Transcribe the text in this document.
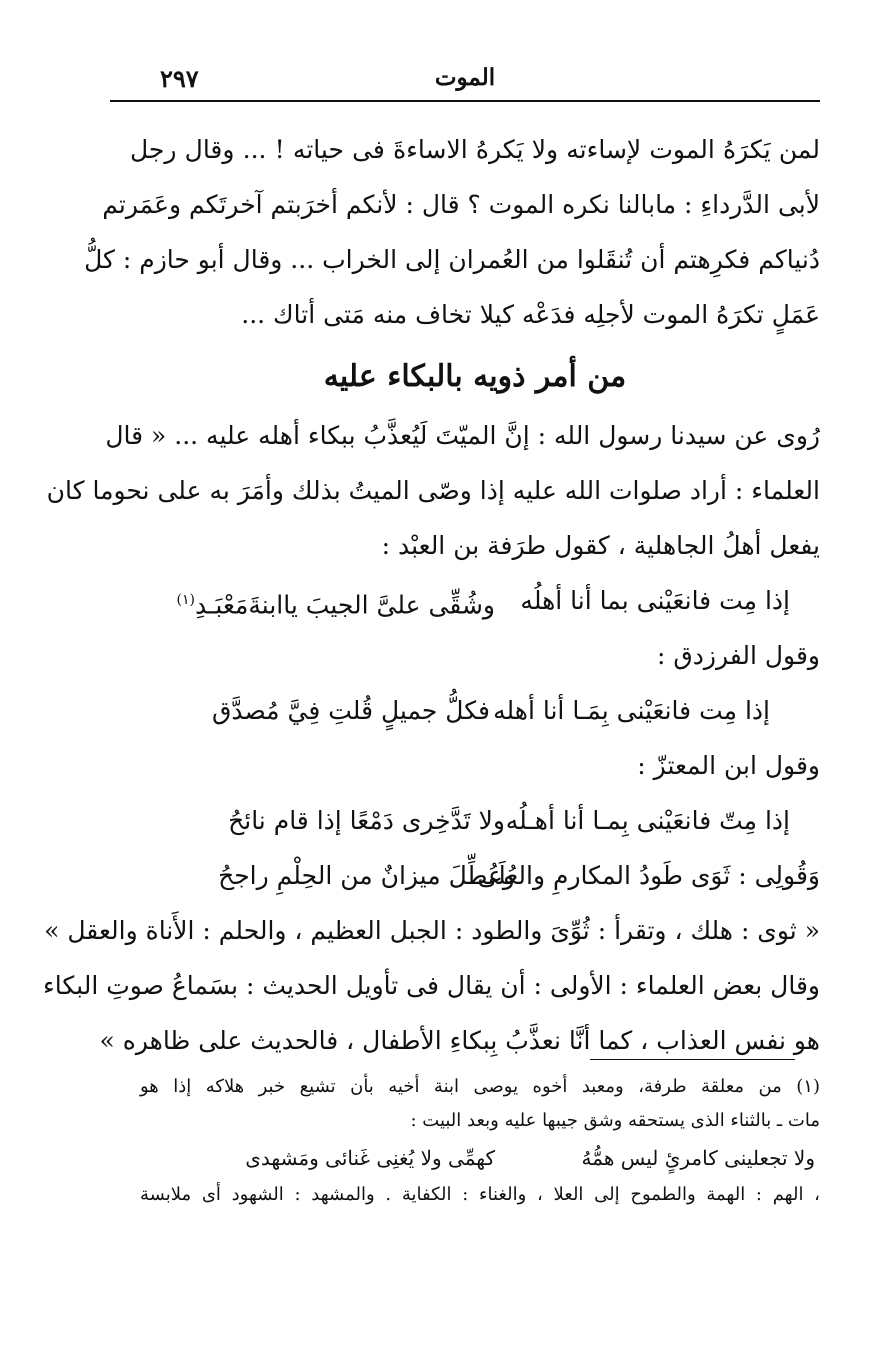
الموت
٢٩٧
لمن يَكرَهُ الموت لإساءته ولا يَكرهُ الاساءةَ فى حياته ! ... وقال رجل
لأبى الدَّرداءِ : مابالنا نكره الموت ؟ قال : لأنكم أخرَبتم آخرتَكم وعَمَرتم
دُنياكم فكرِهتم أن تُنقَلوا من العُمران إلى الخراب ... وقال أبو حازم : كلُّ
عَمَلٍ تكرَهُ الموت لأجلِه فدَعْه كيلا تخاف منه مَتى أتاك ...
من أمر ذويه بالبكاء عليه
رُوى عن سيدنا رسول الله : إنَّ الميّتَ لَيُعذَّبُ ببكاء أهله عليه ... « قال
العلماء : أراد صلوات الله عليه إذا وصّى الميتُ بذلك وأمَرَ به على نحوما كان
يفعل أهلُ الجاهلية ، كقول طرَفة بن العبْد :
إذا مِت فانعَيْنى بما أنا أهلُه
وشُقِّى علىَّ الجيبَ ياابنةَمَعْبَـدِ$^{(١)}$
وقول الفرزدق :
إذا مِت فانعَيْنى بِمَـا أنا أهله
فكلُّ جميلٍ قُلتِ فِيَّ مُصدَّق
وقول ابن المعتزّ :
إذا مِتّ فانعَيْنى بِمـا أنا أهـلُه
ولا تَدَّخِرى دَمْعًا إذا قام نائحُ
وَقُولِى : ثَوَى طَودُ المكارمِ والعُلَى
وعُطِّلَ ميزانٌ من الحِلْمِ راجحُ
« ثوى : هلك ، وتقرأ : ثُوِّىَ والطود : الجبل العظيم ، والحلم : الأَناة والعقل »
وقال بعض العلماء : الأولى : أن يقال فى تأويل الحديث : بسَماعُ صوتِ البكاء
هو نفس العذاب ، كما أنَّا نعذَّبُ بِبكاءِ الأطفال ، فالحديث على ظاهره »
(١) من معلقة طرفة، ومعبد أخوه يوصى ابنة أخيه بأن تشيع خبر هلاكه إذا هو
مات ـ بالثناء الذى يستحقه وشق جيبها عليه وبعد البيت :
ولا تجعلينى كامرئٍ ليس همُّهُ
كهمِّى ولا يُغنِى غَنائى ومَشهدى
، الهم : الهمة والطموح إلى العلا ، والغناء : الكفاية . والمشهد : الشهود أى ملابسة
